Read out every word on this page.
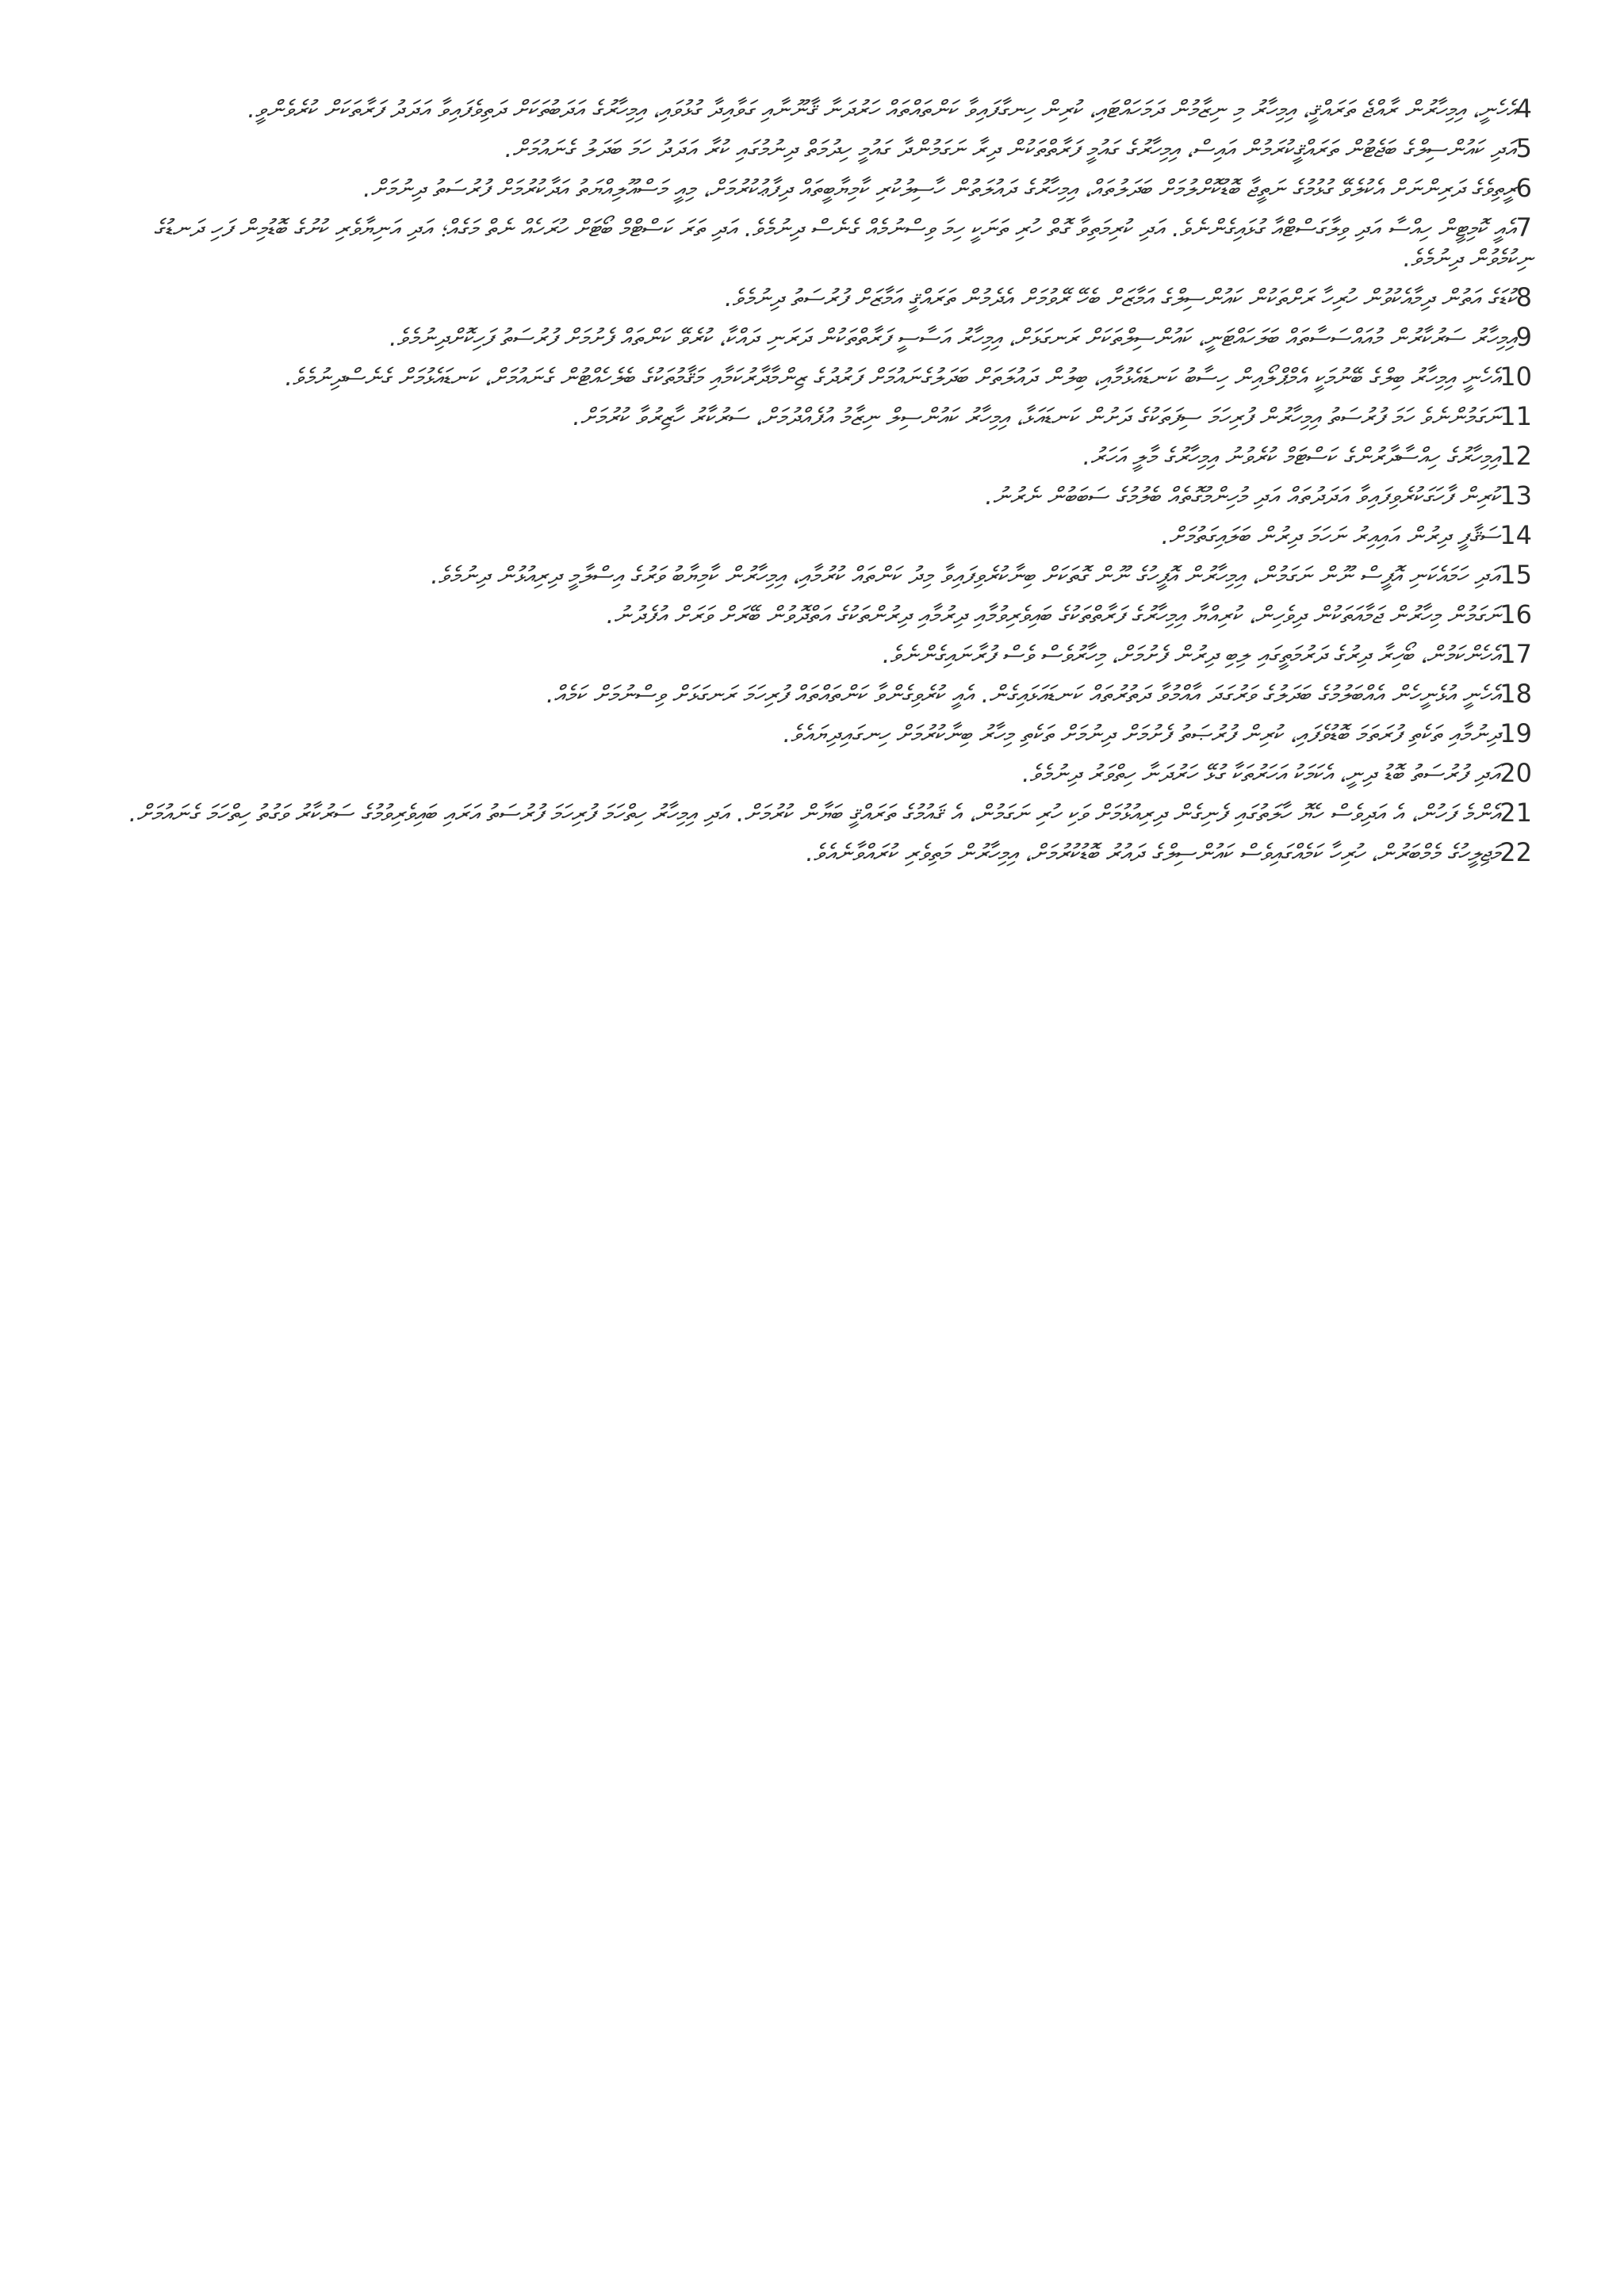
4އެހެނީ، އިމިހާރުން ރާއްޖެ ތަރައްޤީ، އިމިހާރު މި ނިޒާމުން ދަމަހައްޓައި، ކުރިން ހިނގާފައިވާ ކަންތައްތައް ހަރުދަނާ ޤާނޫނާއި ގަވާއިދާ ގުޅުވައި، އިމިހާރުގެ އަދަބުތަކަށް ދަތިވެފައިވާ އަދަދު ފަރާތަކަށް ކުރެވެންވީ.

5އަދި ކައުންސިލްގެ ބަޖެޓުން ތަރައްޤީކުރަމުން އައިސް، އިމިހާރުގެ ގައުމީ ފަރާތްތަކުން ދިރާ ނަގަމުންދާ ގައުމީ ހިދުމަތް ދިނުމުގައި ކުރާ އަދަދު ހަމަ ބަދަލު ގެނައުމަށް.

6ރީތިވެގެ ދަރިންނަށް އެކުލެވޭ ގުޅުމުގެ ނަތީޖާ ބޮޑުކޮށްލުމަށް ބަދަލުތައް، އިމިހާރުގެ ދައުލަތުން ހާސިލުކުރި ކާމިޔާބީތައް ދިފާޢުކުރުމަށް، މިއީ މަސްއޫލިއްޔަތު އަދާކުރުމަށް ފުރުސަތު ދިނުމަށް.

7އެއީ ކޮމިޓީން ހިއްސާ އަދި ވިލާގަސްޓްއާ ގުޅައިގެންނެވެ. އަދި ކުރިމަތިވާ ގޮތް ހުރި ތަނަކީ ހިމަ ވިސްނުމެއް ގެނެސް ދިނުމެވެ. އަދި ތަރަ ކަސްޓްމް ބޯޓަށް ހުރަހެއް ނެތް މަގެއް؛ އަދި އަނިޔާވެރި ކުށުގެ ބޮޑުމިން ފަހި ދަނޑުގެ ނިކުމެވުން ދިނުމެވެ.

8ކުޑަގެ އަތުން ދިމާއެކުވުން ހުރިހާ ރަށްތަކުން ކައުންސިލްގެ އަމާޒަށް ބެހޭ ރޭވުމަށް އެދެމުން ތަރައްޤީ އަމާޒަށް ފުރުސަތު ދިނުމެވެ.

9އިމިހާރު ސަރުކާރުން މުއައްސަސާތައް ބަލަހައްޓަނީ، ކައުންސިލްތަކަށް ރަނގަޅަށް، އިމިހާރު އަސާސީ ފަރާތްތަކުން ދަރަނި ދައްކާ، ކުރެވޭ ކަންތައް ފެށުމަށް ފުރުސަތު ފަހިކޮށްދިނުމެވެ.

10އެހެނީ އިމިހާރު ބިލްގެ ބޭނުމަކީ އެމްޕްލޯއިން ހިސާބު ކަނޑައެޅުމާއި، ބިލުން ދައުލަތަށް ބަދަލުގެނައުމަށް ފަރުދުގެ ޒިންމާދާރުކަމާއި މަޤާމުތަކުގެ ބެލެހެއްޓުން ގެނައުމަށް، ކަނޑައެޅުމަށް ގެނެސްދިނުމެވެ.

11ނަގަމުންނެވެ ހަމަ ފުރުސަތު އިމިހާރުން ފުރިހަމަ ސިފަތަކުގެ ދަށުން ކަނޑައަޅާ، އިމިހާރު ކައުންސިލް ނިޒާމު އުފެއްދުމަށް، ސަރުކާރު ހާޒިރުވާ ކުރުމަށް.

12އިމިހާރުގެ ހިއްސާދާރުންގެ ކަސްޓަމް ކުރެވުނު އިމިހާރުގެ މާލީ އަހަރު.

13ކުރިން ފާހަގަކުރެވިފައިވާ އަދަދުތައް އަދި މުހިންމުގޮތެއް ބެލުމުގެ ސަބަބުން ނެރުނު.

14ސަޤާފީ ދިރުން އައިއިރު ނަހަމަ ދިރުން ބަލައިގަތުމަށް.

15އަދި ހަމައެކަނި އޮފީސް ނޫން ނަގަމުން، އިމިހާރުން އޮފީހުގެ ނޫން ގޮތަކަށް ބިނާކުރެވިފައިވާ މިދު ކަންތައް ކުރުމާއި، އިމިހާރުން ކާމިޔާބު ވަރުގެ އިސްލާމީ ދިރިއުޅުން ދިނުމެވެ.

16ނަގަމުން މިހާރުން ޖަމާއަތަކުން ދިވެހިން، ކުރިއްޔާ އިމިހާރުގެ ފަރާތްތަކުގެ ބައިވެރިވުމާއި ދިރުމާއި ދިރުންތަކުގެ އަތްދޮވުން ބޭރަށް ވަރަށް އުފެދުނު.

17އެހެންކަމުން، ބޯހިރާ ދިރުގެ ދަރުމަތީގައި ލިބި ދިރުން ފެށުމަށް، މިހާރުވެސް ވެސް ފުރާނައިގެންނެވެ.

18އެހެނީ އުޅެނީހެން އެއްބަލުމުގެ ބަދަލުގެ ވަރުގަދަ އާއްމުވާ ދަތުރުތައް ކަނޑައަޅައިގެން. އެއީ ކުރެވިގެންވާ ކަންތައްތައް ފުރިހަމަ ރަނގަޅަށް ވިސްނުމަށް ކަމެއް.

19ދިނުމާއި ތަކެތި ފުރަތަމަ ބޮޑުވެފައި، ކުރިން ފުރުޞަތު ފެށުމަށް ދިނުމަށް ތަކެތި މިހާރު ބިނާކުރުމަށް ހިނގައިދިޔައެވެ.

20އަދި ފުރުސަތު ބޮޑު ދިނީ، އެކަމަކު އަހަރުތަކާ ގުޅޭ ހަރުދަނާ ހިތްވަރު ދިނުމެވެ.

21އެންމެ ފަހުން، އެ އަދިވެސް ހެޔޮ ހާލަތުގައި ފެނިގެން ދިރިއުޅުމަށް ވަކި ހުރި ނަގަމުން، އެ ޤައުމުގެ ތަރައްޤީ ބަޔާން ކުރުމަށް. އަދި އިމިހާރު ހިތްހަމަ ފުރިހަމަ ފުރުސަތު އަރައި ބައިވެރިވުމުގެ ސަރުކާރު ވަގުތު ހިތްހަމަ ގެނައުމަށް.

22މަޖިލީހުގެ މެމްބަރުން، ހުރިހާ ކަމެއްގައިވެސް ކައުންސިލްގެ ދައުރު ބޮޑުކުރުމަށް، އިމިހާރުން މަތިވެރި ކުރައްވާނެއެވެ.
